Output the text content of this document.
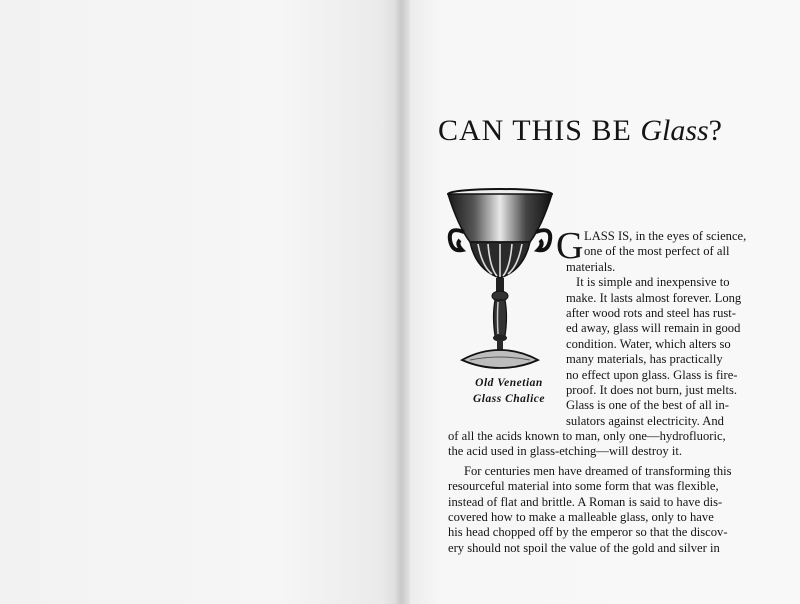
CAN THIS BE Glass?
Old Venetian
Glass Chalice
G LASS IS, in the eyes of science,
one of the most perfect of all
materials.
It is simple and inexpensive to
make. It lasts almost forever. Long
after wood rots and steel has rust-
ed away, glass will remain in good
condition. Water, which alters so
many materials, has practically
no effect upon glass. Glass is fire-
proof. It does not burn, just melts.
Glass is one of the best of all in-
sulators against electricity. And
of all the acids known to man, only one—hydrofluoric,
the acid used in glass-etching—will destroy it.
For centuries men have dreamed of transforming this
resourceful material into some form that was flexible,
instead of flat and brittle. A Roman is said to have dis-
covered how to make a malleable glass, only to have
his head chopped off by the emperor so that the discov-
ery should not spoil the value of the gold and silver in
